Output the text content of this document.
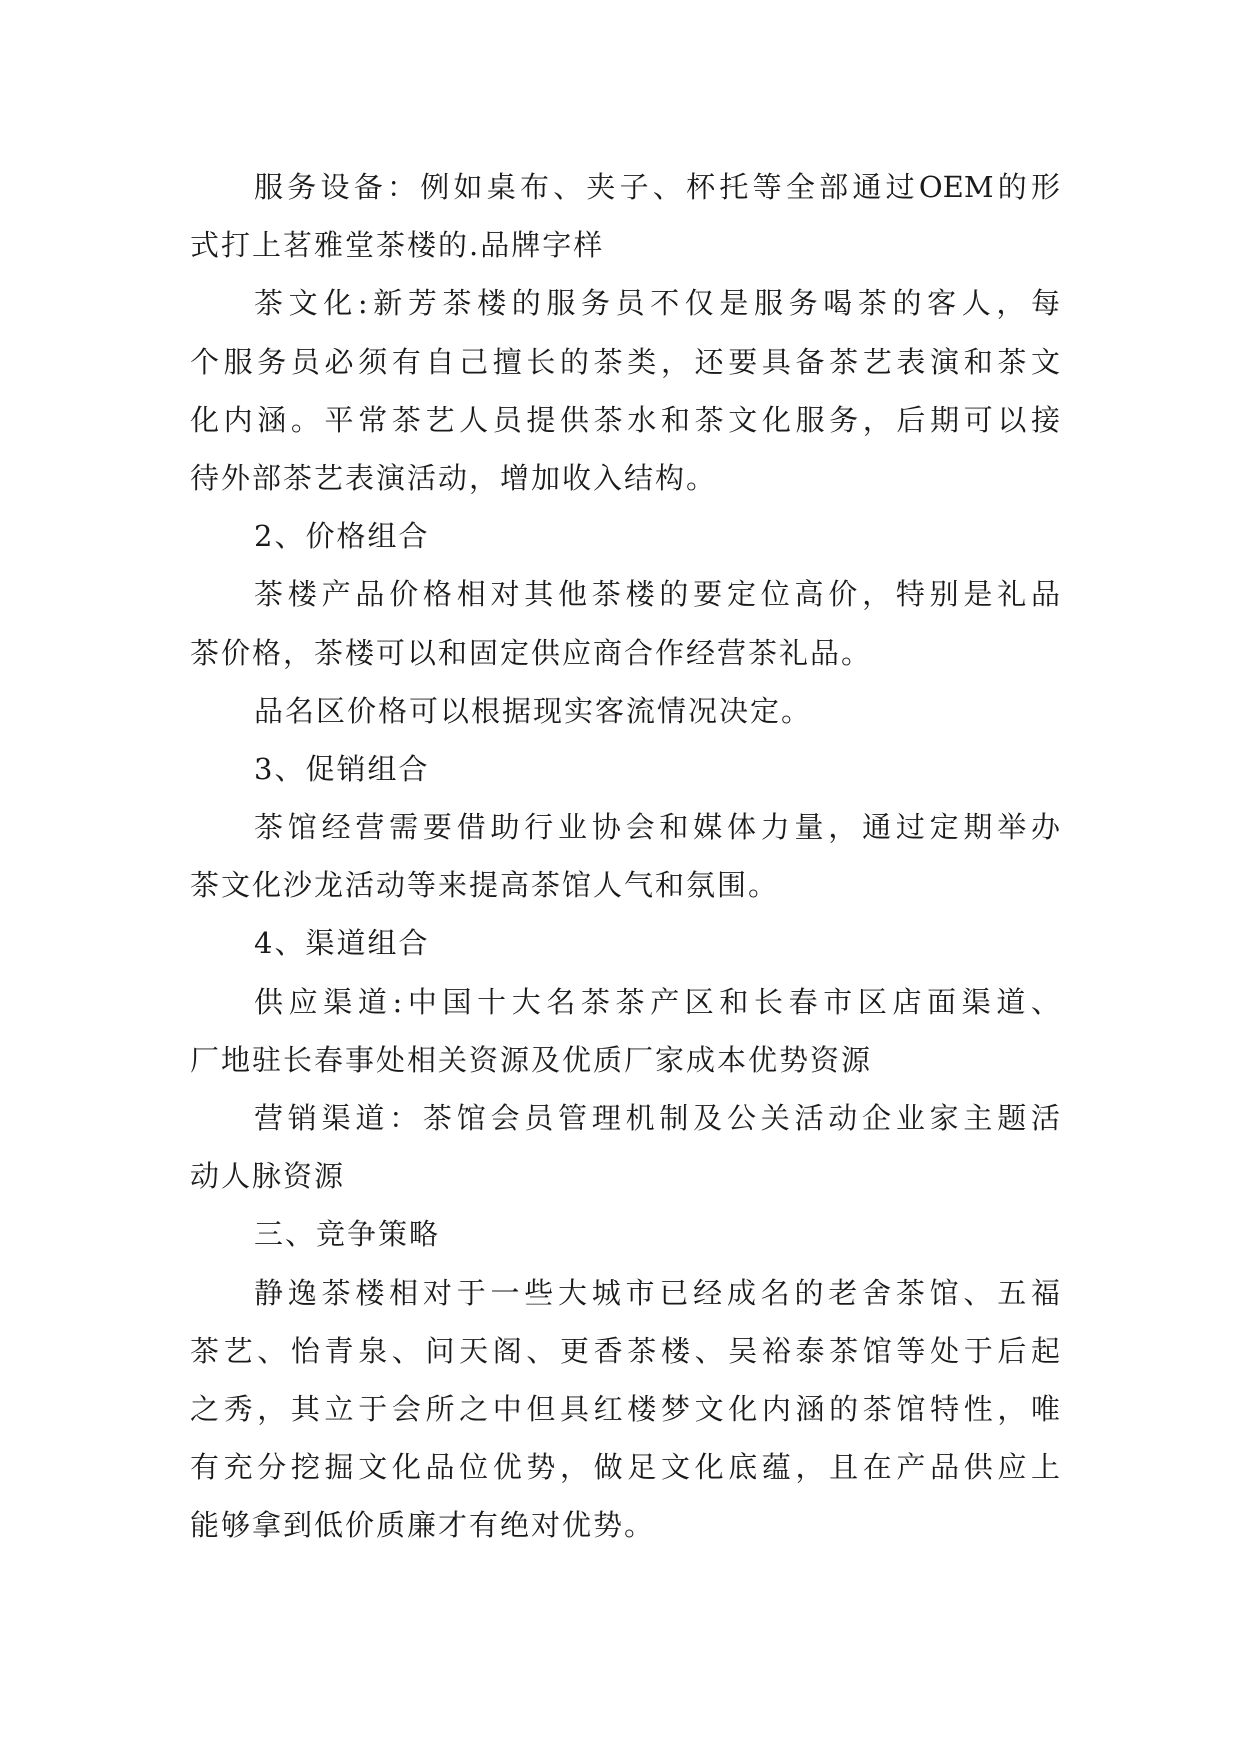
服务设备：例如桌布、夹子、杯托等全部通过OEM的形
式打上茗雅堂茶楼的.品牌字样
茶文化:新芳茶楼的服务员不仅是服务喝茶的客人，每
个服务员必须有自己擅长的茶类，还要具备茶艺表演和茶文
化内涵。平常茶艺人员提供茶水和茶文化服务，后期可以接
待外部茶艺表演活动，增加收入结构。
2、价格组合
茶楼产品价格相对其他茶楼的要定位高价，特别是礼品
茶价格，茶楼可以和固定供应商合作经营茶礼品。
品名区价格可以根据现实客流情况决定。
3、促销组合
茶馆经营需要借助行业协会和媒体力量，通过定期举办
茶文化沙龙活动等来提高茶馆人气和氛围。
4、渠道组合
供应渠道:中国十大名茶茶产区和长春市区店面渠道、
厂地驻长春事处相关资源及优质厂家成本优势资源
营销渠道：茶馆会员管理机制及公关活动企业家主题活
动人脉资源
三、竞争策略
静逸茶楼相对于一些大城市已经成名的老舍茶馆、五福
茶艺、怡青泉、问天阁、更香茶楼、吴裕泰茶馆等处于后起
之秀，其立于会所之中但具红楼梦文化内涵的茶馆特性，唯
有充分挖掘文化品位优势，做足文化底蕴，且在产品供应上
能够拿到低价质廉才有绝对优势。
